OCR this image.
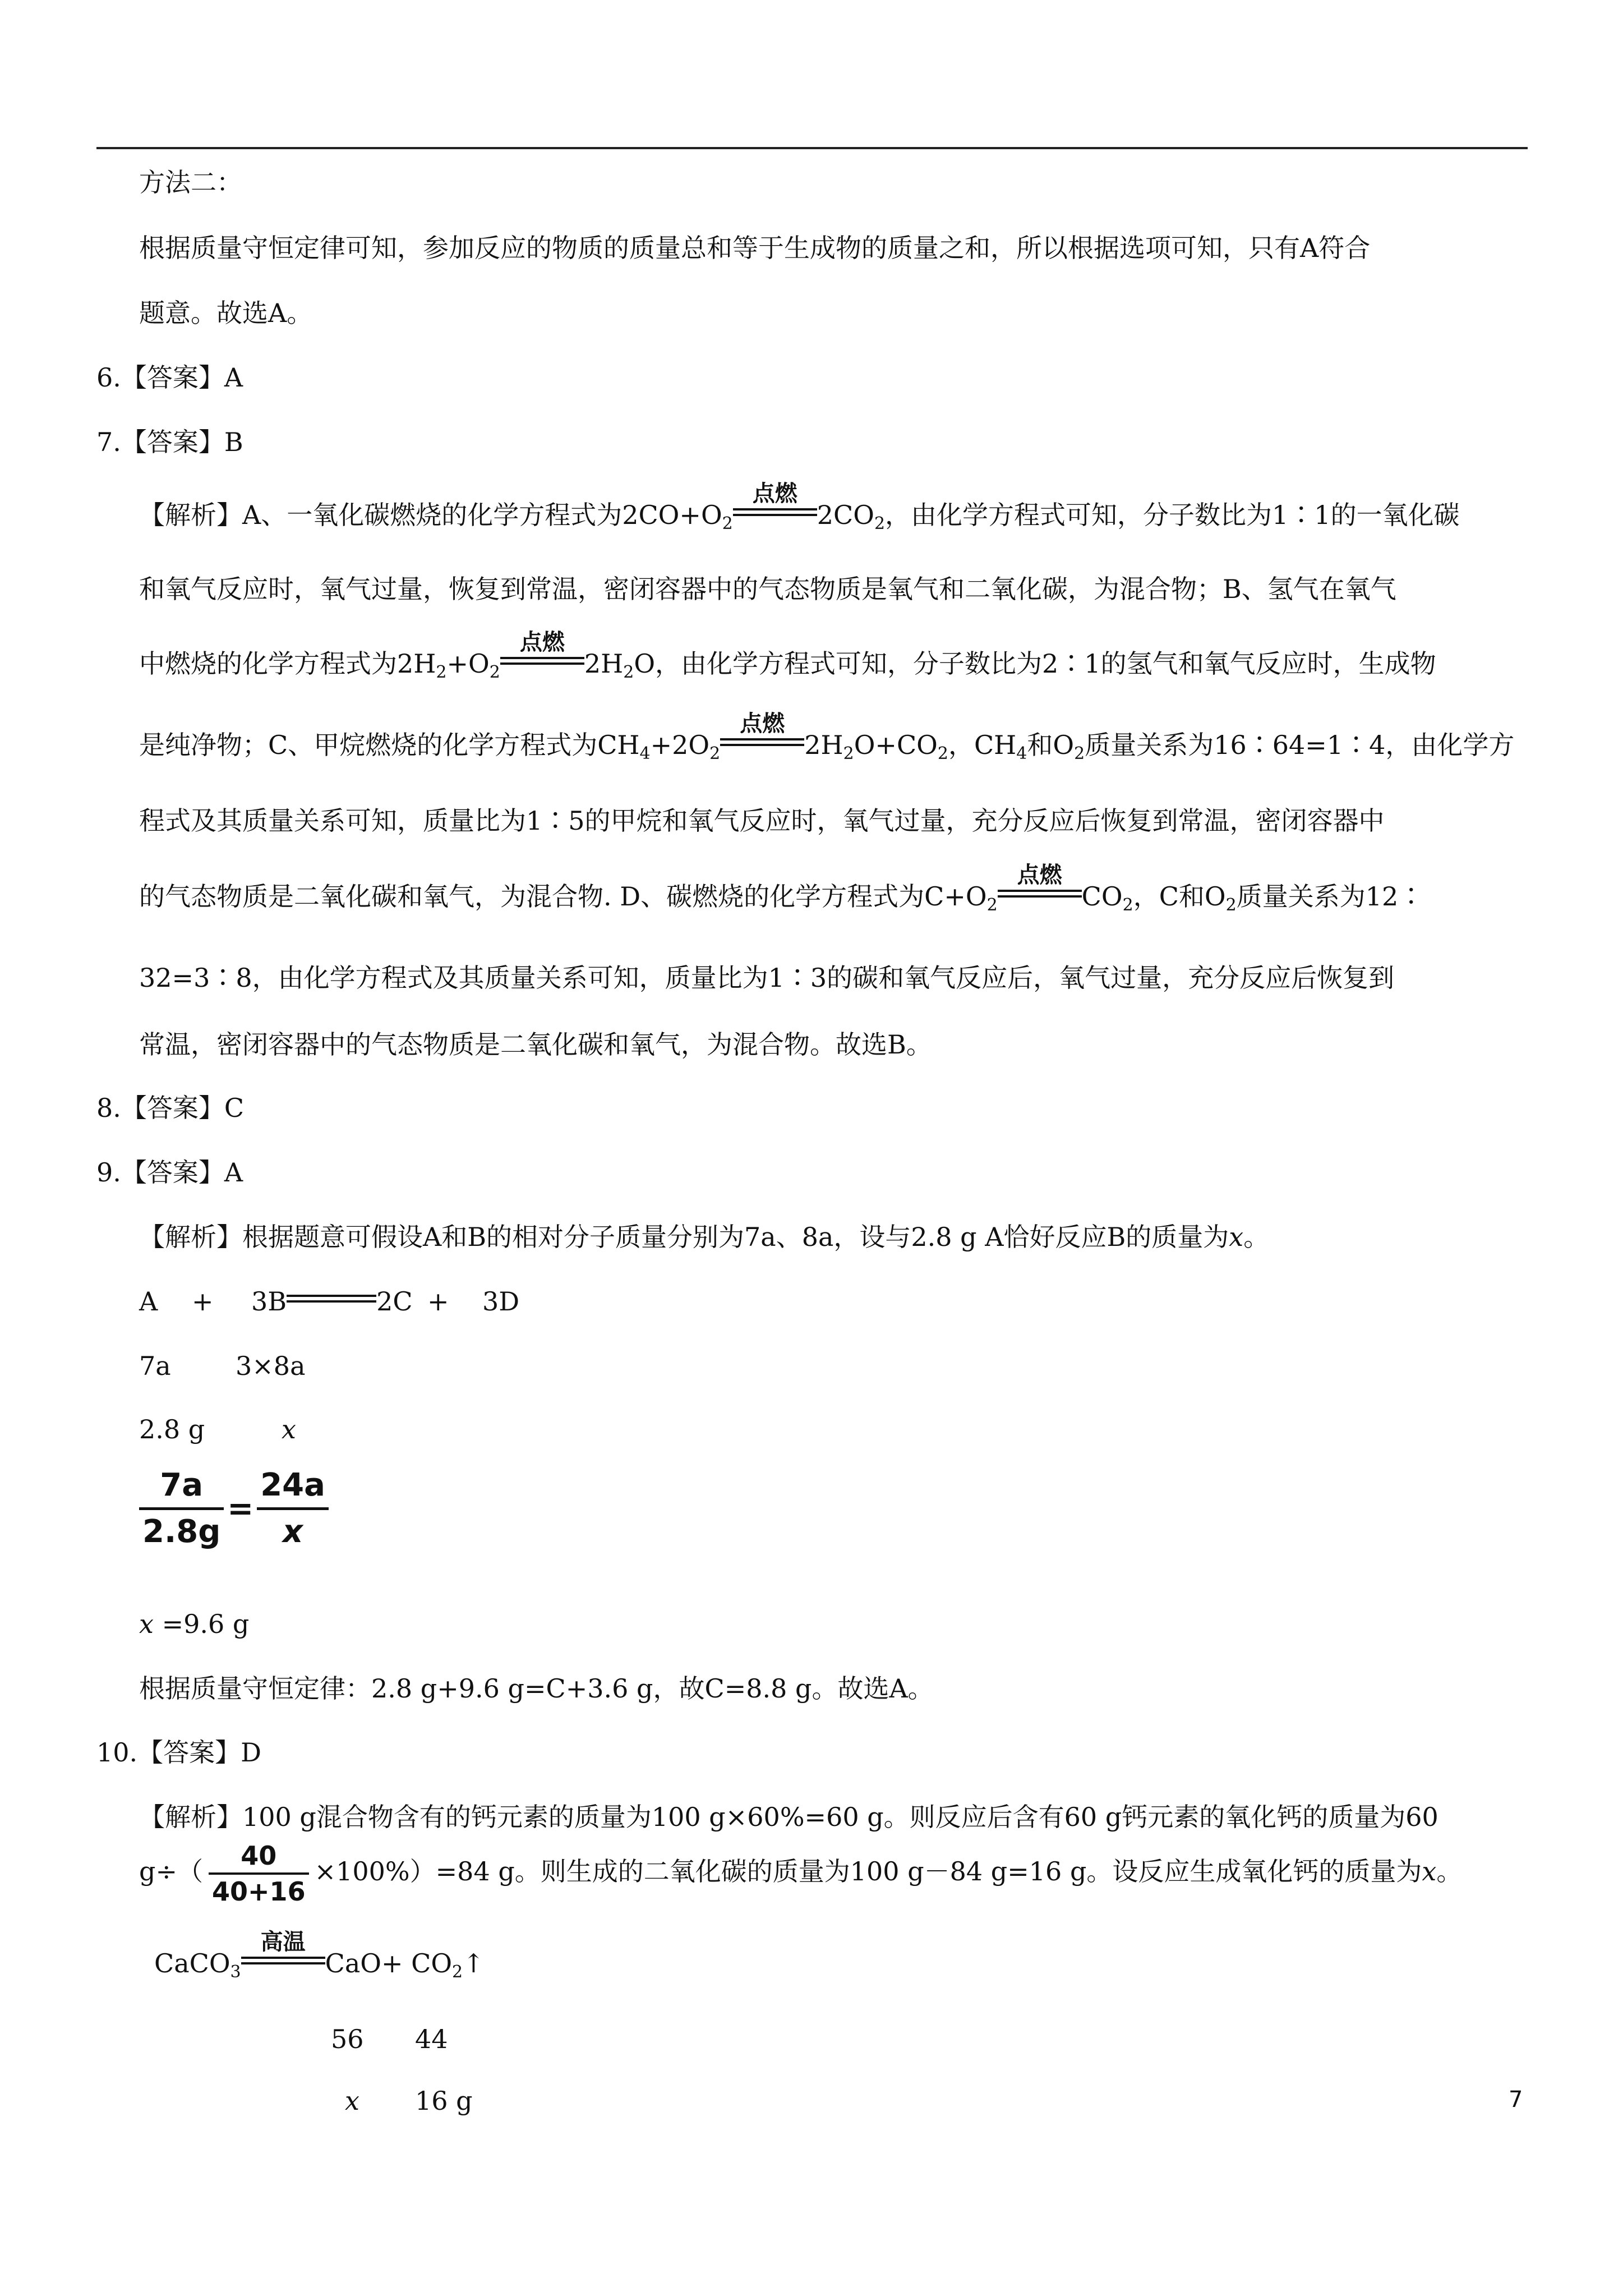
方法二：
根据质量守恒定律可知，参加反应的物质的质量总和等于生成物的质量之和，所以根据选项可知，只有A符合
题意。故选A。
6.【答案】A
7.【答案】B
【解析】A、一氧化碳燃烧的化学方程式为$2CO+O_2$
点燃
$2CO_2$，由化学方程式可知，分子数比为1∶1的一氧化碳
和氧气反应时，氧气过量，恢复到常温，密闭容器中的气态物质是氧气和二氧化碳，为混合物；B、氢气在氧气
中燃烧的化学方程式为$2H_2+O_2$
点燃
$2H_2O$，由化学方程式可知，分子数比为2∶1的氢气和氧气反应时，生成物
是纯净物；C、甲烷燃烧的化学方程式为$CH_4+2O_2$
点燃
$2H_2O+CO_2$，$CH_4$和$O_2$质量关系为16∶64=1∶4，由化学方
程式及其质量关系可知，质量比为1∶5的甲烷和氧气反应时，氧气过量，充分反应后恢复到常温，密闭容器中
的气态物质是二氧化碳和氧气，为混合物. D、碳燃烧的化学方程式为$C+O_2$
点燃
$CO_2$，C和$O_2$质量关系为12∶
32=3∶8，由化学方程式及其质量关系可知，质量比为1∶3的碳和氧气反应后，氧气过量，充分反应后恢复到
常温，密闭容器中的气态物质是二氧化碳和氧气，为混合物。故选B。
8.【答案】C
9.【答案】A
【解析】根据题意可假设A和B的相对分子质量分别为7a、8a，设与2.8 g A恰好反应B的质量为x。
A + 3B	2C + 3D
7a	3×8a
2.8 g	x
$\frac{7a}{2.8g} = \frac{24a}{x}$
x =9.6 g
根据质量守恒定律：2.8 g+9.6 g=C+3.6 g，故C=8.8 g。故选A。
10.【答案】D
【解析】100 g混合物含有的钙元素的质量为100 g×60%=60 g。则反应后含有60 g钙元素的氧化钙的质量为60
$g\div( \frac{40}{40+16} \times 100\%)=84$ g。则生成的二氧化碳的质量为100 g－84 g=16 g。设反应生成氧化钙的质量为x。
CaCO$_3$
高温
$CaO+ CO_2↑$
56 44
x 16 g	7
